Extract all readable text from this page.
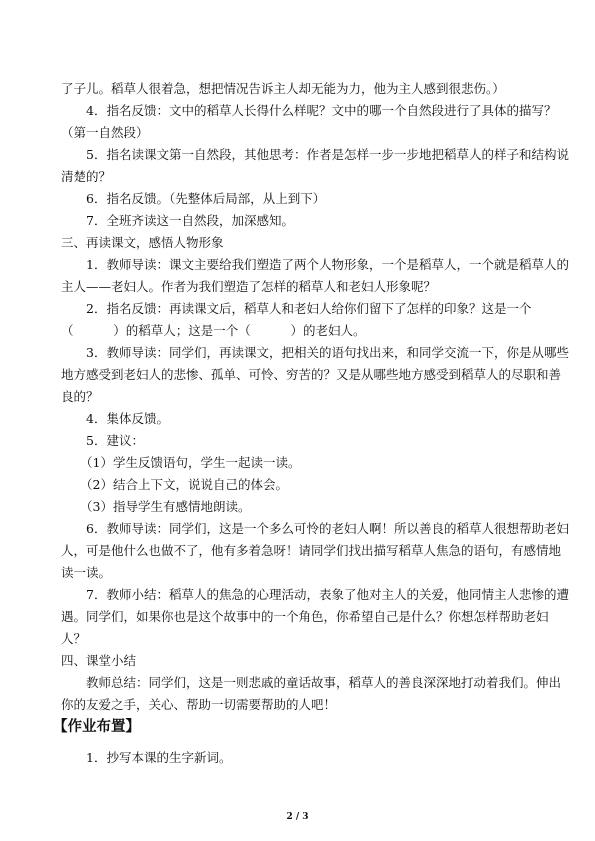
了子儿。稻草人很着急，想把情况告诉主人却无能为力，他为主人感到很悲伤。）
4．指名反馈：文中的稻草人长得什么样呢？文中的哪一个自然段进行了具体的描写？
（第一自然段）
5．指名读课文第一自然段，其他思考：作者是怎样一步一步地把稻草人的样子和结构说
清楚的？
6．指名反馈。（先整体后局部，从上到下）
7．全班齐读这一自然段，加深感知。
三、再读课文，感悟人物形象
1．教师导读：课文主要给我们塑造了两个人物形象，一个是稻草人，一个就是稻草人的
主人——老妇人。作者为我们塑造了怎样的稻草人和老妇人形象呢？
2．指名反馈：再读课文后，稻草人和老妇人给你们留下了怎样的印象？这是一个
（          ）的稻草人；这是一个（          ）的老妇人。
3．教师导读：同学们，再读课文，把相关的语句找出来，和同学交流一下，你是从哪些
地方感受到老妇人的悲惨、孤单、可怜、穷苦的？又是从哪些地方感受到稻草人的尽职和善
良的？
4．集体反馈。
5．建议：
（1）学生反馈语句，学生一起读一读。
（2）结合上下文，说说自己的体会。
（3）指导学生有感情地朗读。
6．教师导读：同学们，这是一个多么可怜的老妇人啊！所以善良的稻草人很想帮助老妇
人，可是他什么也做不了，他有多着急呀！请同学们找出描写稻草人焦急的语句，有感情地
读一读。
7．教师小结：稻草人的焦急的心理活动，表象了他对主人的关爱，他同情主人悲惨的遭
遇。同学们，如果你也是这个故事中的一个角色，你希望自己是什么？你想怎样帮助老妇
人？
四、课堂小结
教师总结：同学们，这是一则悲戚的童话故事，稻草人的善良深深地打动着我们。伸出
你的友爱之手，关心、帮助一切需要帮助的人吧！
【作业布置】
1．抄写本课的生字新词。
2 / 3
